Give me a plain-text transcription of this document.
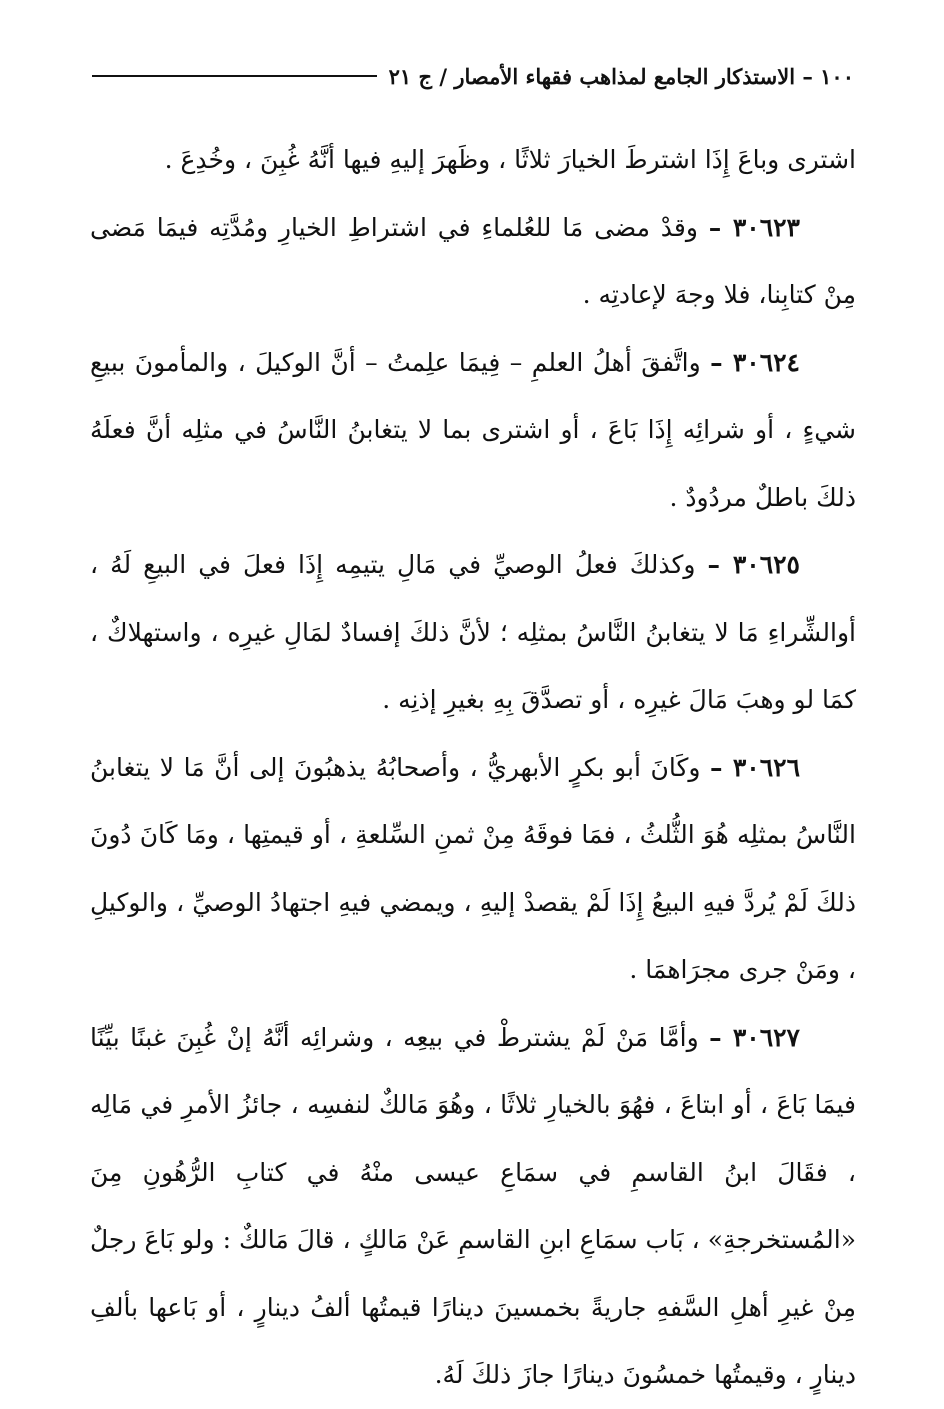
١٠٠ – الاستذكار الجامع لمذاهب فقهاء الأمصار / ج ٢١

اشترى وباعَ إِذَا اشترطَ الخيارَ ثلاثًا ، وظَهرَ إليهِ فيها أنَّهُ غُبِنَ ، وخُدِعَ .

٣٠٦٢٣ – وقدْ مضى مَا للعُلماءِ في اشتراطِ الخيارِ ومُدَّتِه فيمَا مَضى مِنْ كتابِنا، فلا وجهَ لإعادتِه .

٣٠٦٢٤ – واتَّفقَ أهلُ العلمِ – فِيمَا علِمتُ – أنَّ الوكيلَ ، والمأمونَ ببيعِ شيءٍ ، أو شرائِه إِذَا بَاعَ ، أو اشترى بما لا يتغابنُ النَّاسُ في مثلِه أنَّ فعلَهُ ذلكَ باطلٌ مردُودٌ .

٣٠٦٢٥ – وكذلكَ فعلُ الوصيِّ في مَالِ يتيمِه إِذَا فعلَ في البيعِ لَهُ ، أوالشِّراءِ مَا لا يتغابنُ النَّاسُ بمثلِه ؛ لأنَّ ذلكَ إفسادٌ لمَالِ غيرِه ، واستهلاكٌ ، كمَا لو وهبَ مَالَ غيرِه ، أو تصدَّقَ بِهِ بغيرِ إذنِه .

٣٠٦٢٦ – وكَانَ أبو بكرٍ الأبهريُّ ، وأصحابُهُ يذهبُونَ إلى أنَّ مَا لا يتغابنُ النَّاسُ بمثلِه هُوَ الثُّلثُ ، فمَا فوقَهُ مِنْ ثمنِ السِّلعةِ ، أو قيمتِها ، ومَا كَانَ دُونَ ذلكَ لَمْ يُردَّ فيهِ البيعُ إِذَا لَمْ يقصدْ إليهِ ، ويمضي فيهِ اجتهادُ الوصيِّ ، والوكيلِ ، ومَنْ جرى مجرَاهمَا .

٣٠٦٢٧ – وأمَّا مَنْ لَمْ يشترطْ في بيعِه ، وشرائِه أنَّهُ إنْ غُبِنَ غبنًا بيِّنًا فيمَا بَاعَ ، أو ابتاعَ ، فهُوَ بالخيارِ ثلاثًا ، وهُوَ مَالكٌ لنفسِه ، جائزُ الأمرِ في مَالِه ، فقَالَ ابنُ القاسمِ في سمَاعِ عيسى منْهُ في كتابِ الرُّهُونِ مِنَ «المُستخرجةِ» ، بَاب سمَاعِ ابنِ القاسمِ عَنْ مَالكٍ ، قالَ مَالكٌ : ولو بَاعَ رجلٌ مِنْ غيرِ أهلِ السَّفهِ جاريةً بخمسينَ دينارًا قيمتُها ألفُ دينارٍ ، أو بَاعها بألفِ دينارٍ ، وقيمتُها خمسُونَ دينارًا جازَ ذلكَ لَهُ.
